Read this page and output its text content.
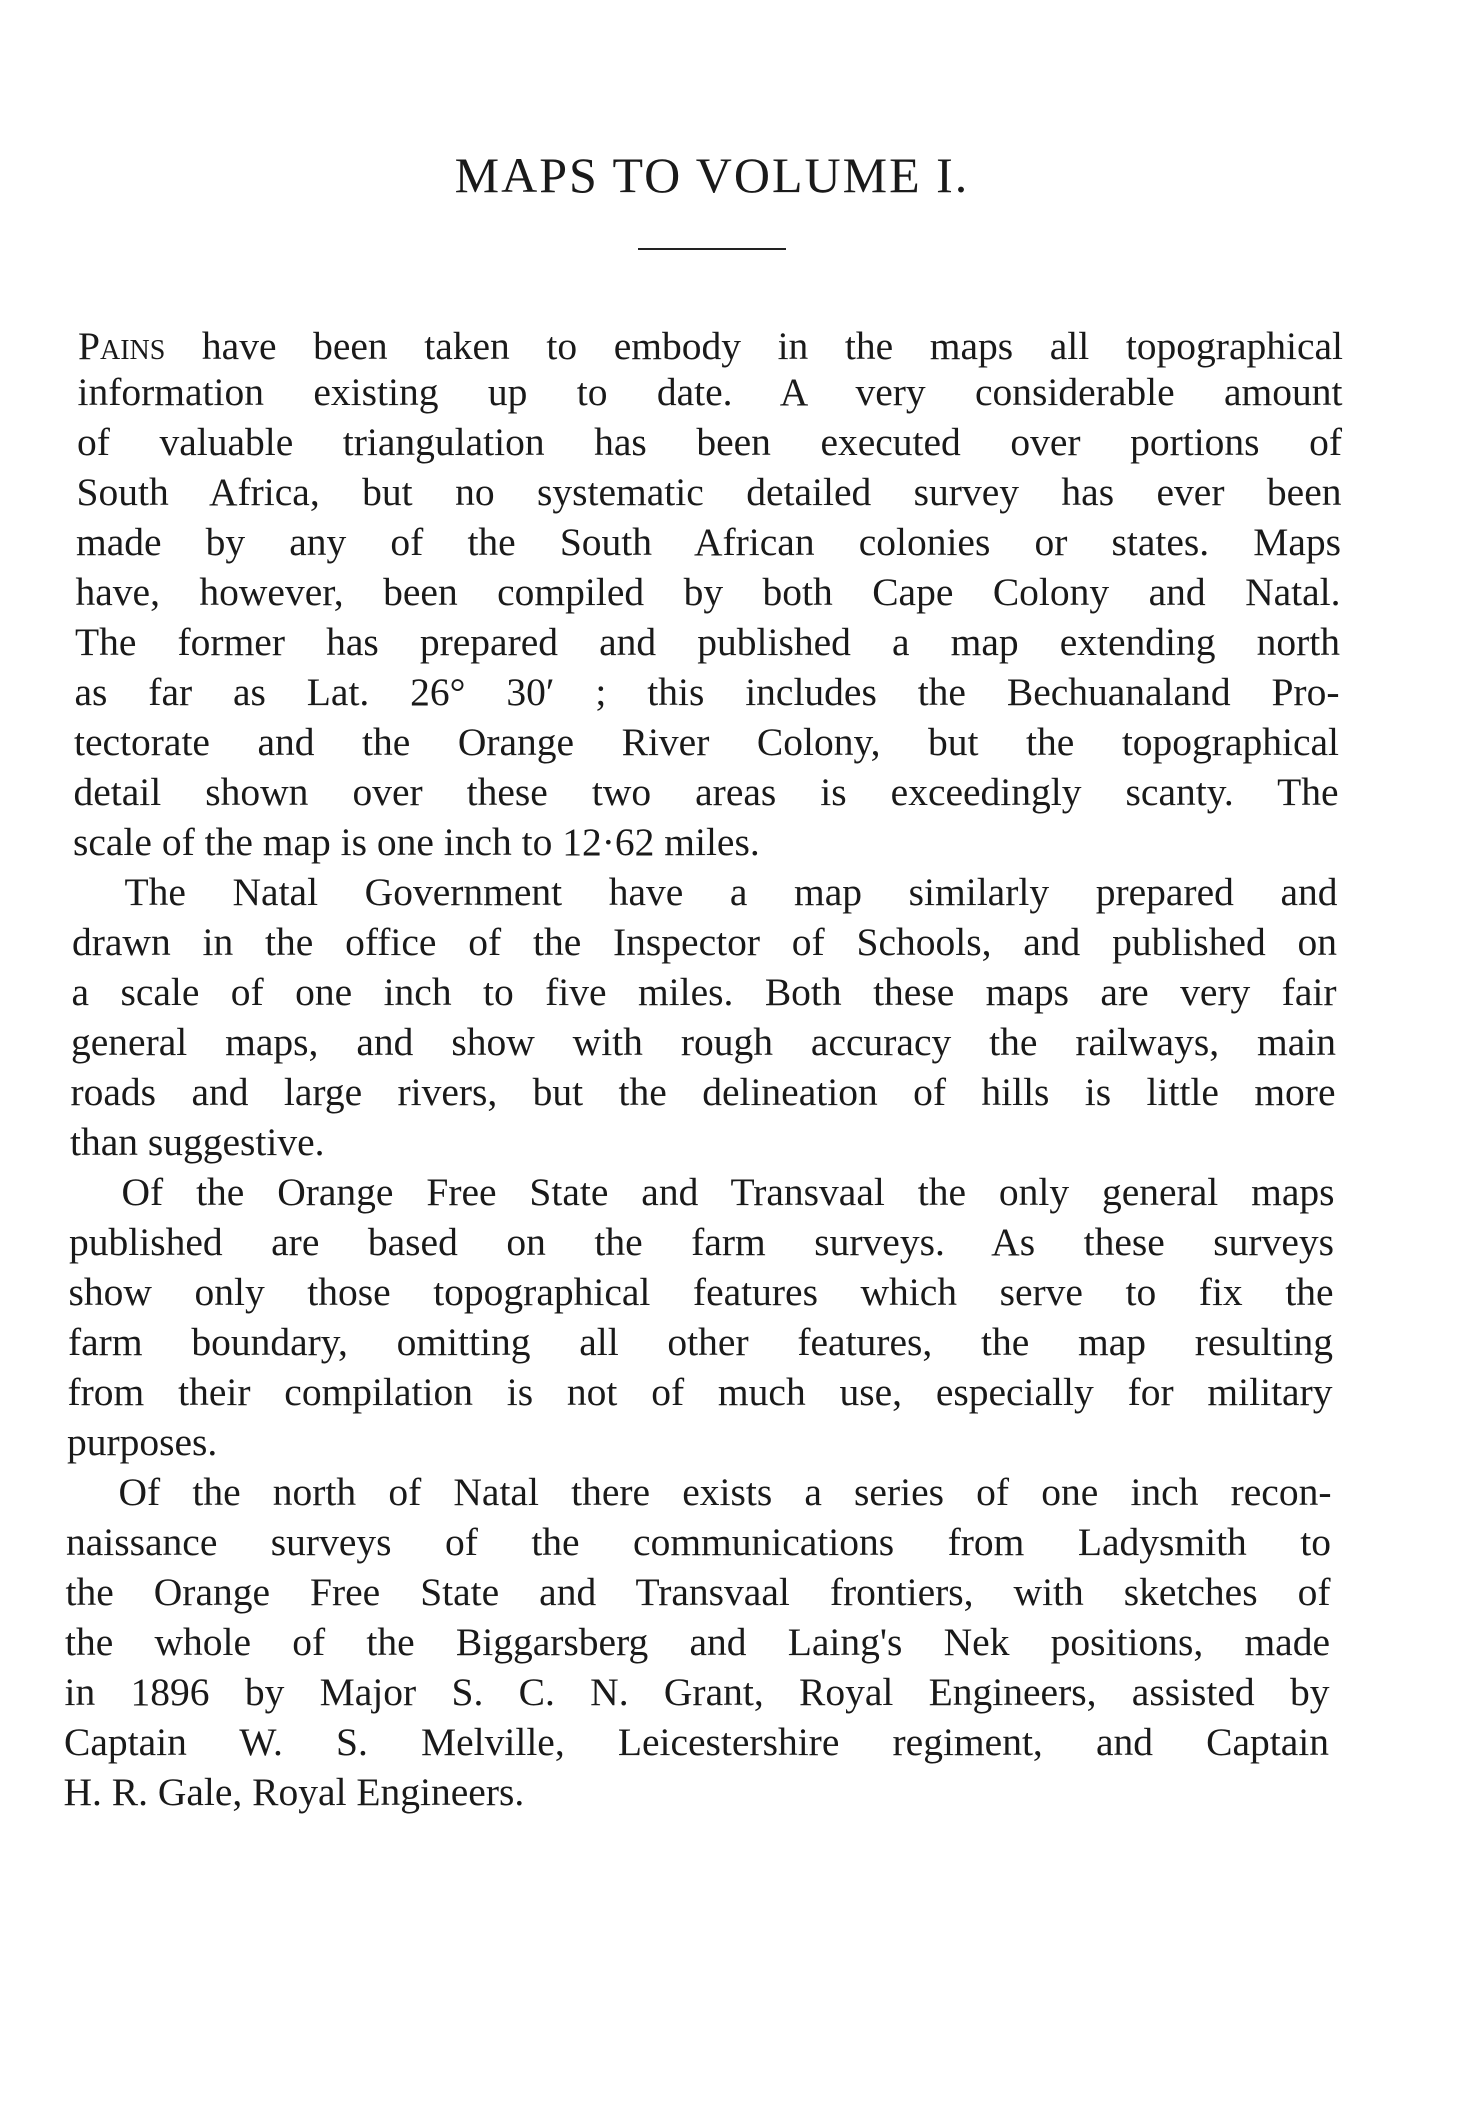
MAPS TO VOLUME I.
Pains have been taken to embody in the maps all topographical
information existing up to date. A very considerable amount
of valuable triangulation has been executed over portions of
South Africa, but no systematic detailed survey has ever been
made by any of the South African colonies or states. Maps
have, however, been compiled by both Cape Colony and Natal.
The former has prepared and published a map extending north
as far as Lat. 26° 30′ ; this includes the Bechuanaland Pro-
tectorate and the Orange River Colony, but the topographical
detail shown over these two areas is exceedingly scanty. The
scale of the map is one inch to 12·62 miles.
The Natal Government have a map similarly prepared and
drawn in the office of the Inspector of Schools, and published on
a scale of one inch to five miles. Both these maps are very fair
general maps, and show with rough accuracy the railways, main
roads and large rivers, but the delineation of hills is little more
than suggestive.
Of the Orange Free State and Transvaal the only general maps
published are based on the farm surveys. As these surveys
show only those topographical features which serve to fix the
farm boundary, omitting all other features, the map resulting
from their compilation is not of much use, especially for military
purposes.
Of the north of Natal there exists a series of one inch recon-
naissance surveys of the communications from Ladysmith to
the Orange Free State and Transvaal frontiers, with sketches of
the whole of the Biggarsberg and Laing's Nek positions, made
in 1896 by Major S. C. N. Grant, Royal Engineers, assisted by
Captain W. S. Melville, Leicestershire regiment, and Captain
H. R. Gale, Royal Engineers.
